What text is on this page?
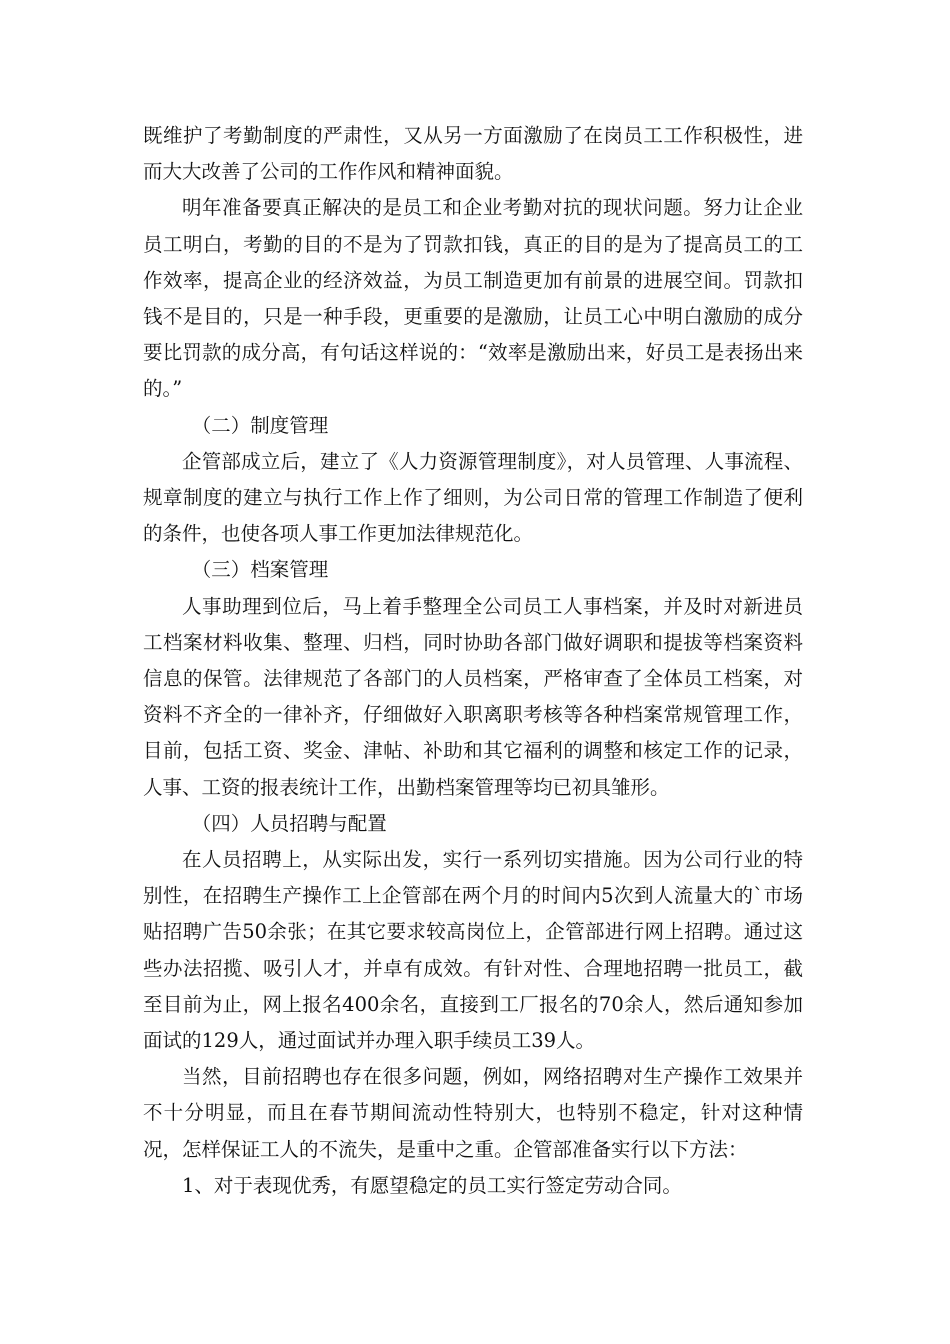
既维护了考勤制度的严肃性，又从另一方面激励了在岗员工工作积极性，进而大大改善了公司的工作作风和精神面貌。

明年准备要真正解决的是员工和企业考勤对抗的现状问题。努力让企业员工明白，考勤的目的不是为了罚款扣钱，真正的目的是为了提高员工的工作效率，提高企业的经济效益，为员工制造更加有前景的进展空间。罚款扣钱不是目的，只是一种手段，更重要的是激励，让员工心中明白激励的成分要比罚款的成分高，有句话这样说的：“效率是激励出来，好员工是表扬出来的。”

（二）制度管理

企管部成立后，建立了《人力资源管理制度》，对人员管理、人事流程、规章制度的建立与执行工作上作了细则，为公司日常的管理工作制造了便利的条件，也使各项人事工作更加法律规范化。

（三）档案管理

人事助理到位后，马上着手整理全公司员工人事档案，并及时对新进员工档案材料收集、整理、归档，同时协助各部门做好调职和提拔等档案资料信息的保管。法律规范了各部门的人员档案，严格审查了全体员工档案，对资料不齐全的一律补齐，仔细做好入职离职考核等各种档案常规管理工作，目前，包括工资、奖金、津帖、补助和其它福利的调整和核定工作的记录，人事、工资的报表统计工作，出勤档案管理等均已初具雏形。

（四）人员招聘与配置

在人员招聘上，从实际出发，实行一系列切实措施。因为公司行业的特别性，在招聘生产操作工上企管部在两个月的时间内5次到人流量大的`市场贴招聘广告50余张；在其它要求较高岗位上，企管部进行网上招聘。通过这些办法招揽、吸引人才，并卓有成效。有针对性、合理地招聘一批员工，截至目前为止，网上报名400余名，直接到工厂报名的70余人，然后通知参加面试的129人，通过面试并办理入职手续员工39人。

当然，目前招聘也存在很多问题，例如，网络招聘对生产操作工效果并不十分明显，而且在春节期间流动性特别大，也特别不稳定，针对这种情况，怎样保证工人的不流失，是重中之重。企管部准备实行以下方法：

1、对于表现优秀，有愿望稳定的员工实行签定劳动合同。
